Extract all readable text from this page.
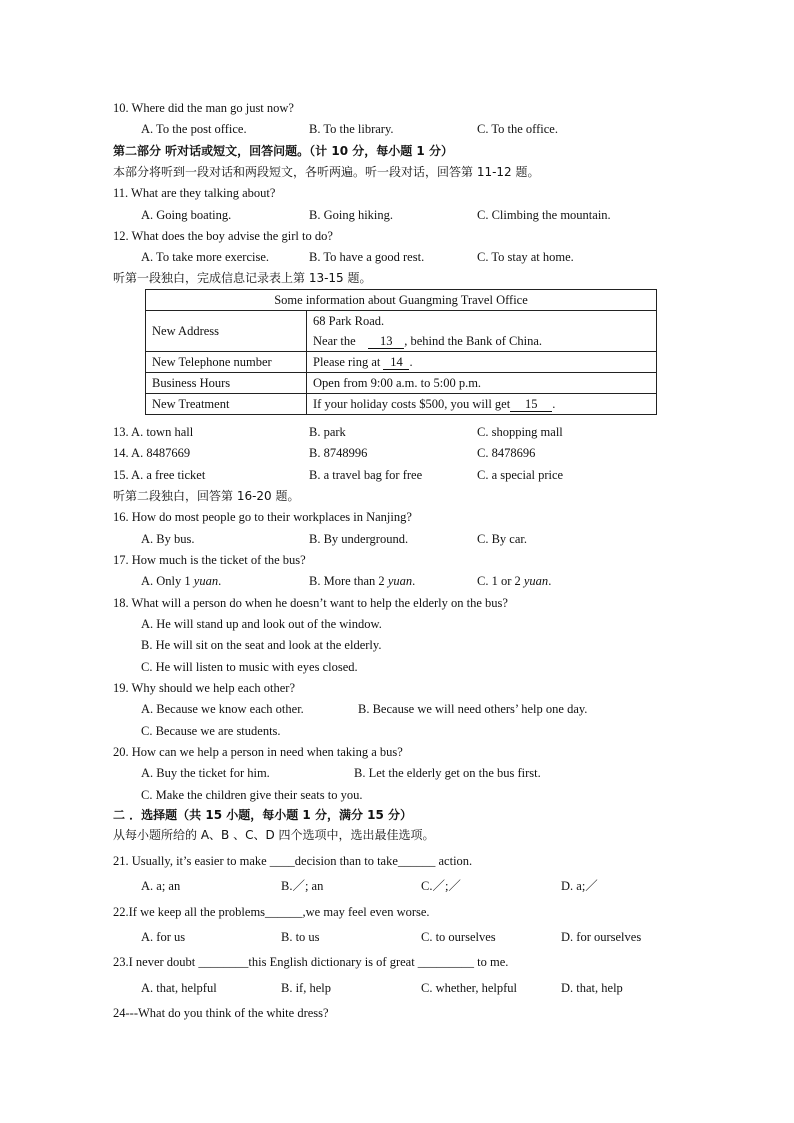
10. Where did the man go just now?
A. To the post office.	B. To the library.	C. To the office.
第二部分 听对话或短文，回答问题。（计 10 分，每小题 1 分）
本部分将听到一段对话和两段短文，各听两遍。听一段对话，回答第 11-12 题。
11. What are they talking about?
A. Going boating.	B. Going hiking.	C. Climbing the mountain.
12. What does the boy advise the girl to do?
A. To take more exercise.	B. To have a good rest.	C. To stay at home.
听第一段独白，完成信息记录表上第 13-15 题。
Some information about Guangming Travel Office	
New Address	68 Park Road.
Near the 13 , behind the Bank of China.

New Telephone number	Please ring at 14 .
Business Hours	Open from 9:00 a.m. to 5:00 p.m.
New Treatment	If your holiday costs $500, you will get 15 .
13. A. town hall	B. park	C. shopping mall
14. A. 8487669	B. 8748996	C. 8478696
15. A. a free ticket	B. a travel bag for free	C. a special price
听第二段独白，回答第 16-20 题。
16. How do most people go to their workplaces in Nanjing?
A. By bus.	B. By underground.	C. By car.
17. How much is the ticket of the bus?
A. Only 1 yuan.	B. More than 2 yuan.	C. 1 or 2 yuan.
18. What will a person do when he doesn’t want to help the elderly on the bus?
A. He will stand up and look out of the window.
B. He will sit on the seat and look at the elderly.
C. He will listen to music with eyes closed.
19. Why should we help each other?
A. Because we know each other.	B. Because we will need others’ help one day.
C. Because we are students.
20. How can we help a person in need when taking a bus?
A. Buy the ticket for him.	B. Let the elderly get on the bus first.
C. Make the children give their seats to you.
二 ．选择题（共 15 小题，每小题 1 分，满分 15 分）
从每小题所给的 A、B 、C、D 四个选项中，选出最佳选项。
21. Usually, it’s easier to make ____decision than to take______ action.
A. a; an	B.／; an	C.／;／	D. a;／
22.If we keep all the problems______,we may feel even worse.
A. for us	B. to us	C. to ourselves	D. for ourselves
23.I never doubt ________this English dictionary is of great _________ to me.
A. that, helpful	B. if, help	C. whether, helpful	D. that, help
24---What do you think of the white dress?
